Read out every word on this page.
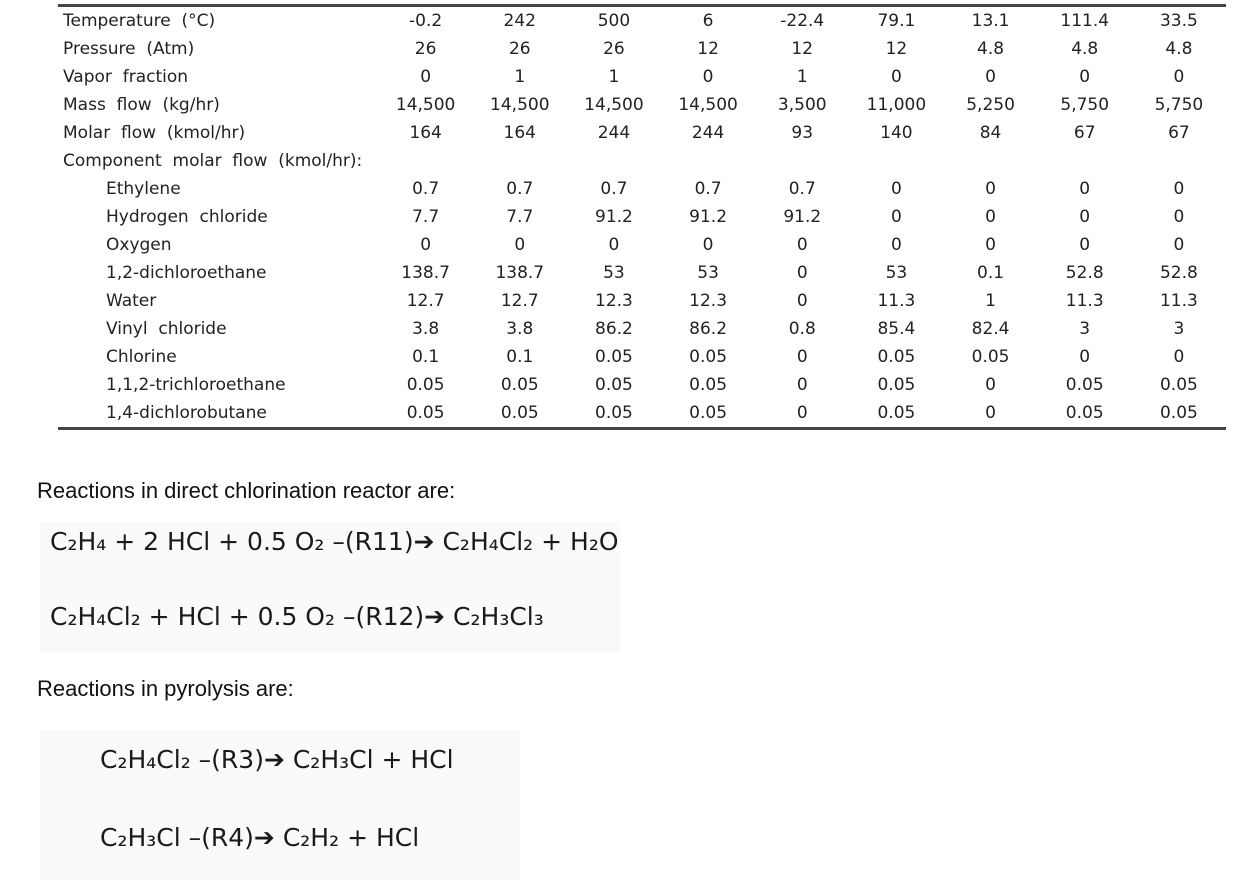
Temperature (°C)	-0.2	242	500	6	-22.4	79.1	13.1	111.4	33.5
Pressure (Atm)	26	26	26	12	12	12	4.8	4.8	4.8
Vapor fraction	0	1	1	0	1	0	0	0	0
Mass flow (kg/hr)	14,500	14,500	14,500	14,500	3,500	11,000	5,250	5,750	5,750
Molar flow (kmol/hr)	164	164	244	244	93	140	84	67	67
Component molar flow (kmol/hr):									
Ethylene	0.7	0.7	0.7	0.7	0.7	0	0	0	0
Hydrogen chloride	7.7	7.7	91.2	91.2	91.2	0	0	0	0
Oxygen	0	0	0	0	0	0	0	0	0
1,2-dichloroethane	138.7	138.7	53	53	0	53	0.1	52.8	52.8
Water	12.7	12.7	12.3	12.3	0	11.3	1	11.3	11.3
Vinyl chloride	3.8	3.8	86.2	86.2	0.8	85.4	82.4	3	3
Chlorine	0.1	0.1	0.05	0.05	0	0.05	0.05	0	0
1,1,2-trichloroethane	0.05	0.05	0.05	0.05	0	0.05	0	0.05	0.05
1,4-dichlorobutane	0.05	0.05	0.05	0.05	0	0.05	0	0.05	0.05
Reactions in direct chlorination reactor are:
C₂H₄ + 2 HCl + 0.5 O₂ –(R11)➔ C₂H₄Cl₂ + H₂O
C₂H₄Cl₂ + HCl + 0.5 O₂ –(R12)➔ C₂H₃Cl₃
Reactions in pyrolysis are:
C₂H₄Cl₂ –(R3)➔ C₂H₃Cl + HCl
C₂H₃Cl –(R4)➔ C₂H₂ + HCl
